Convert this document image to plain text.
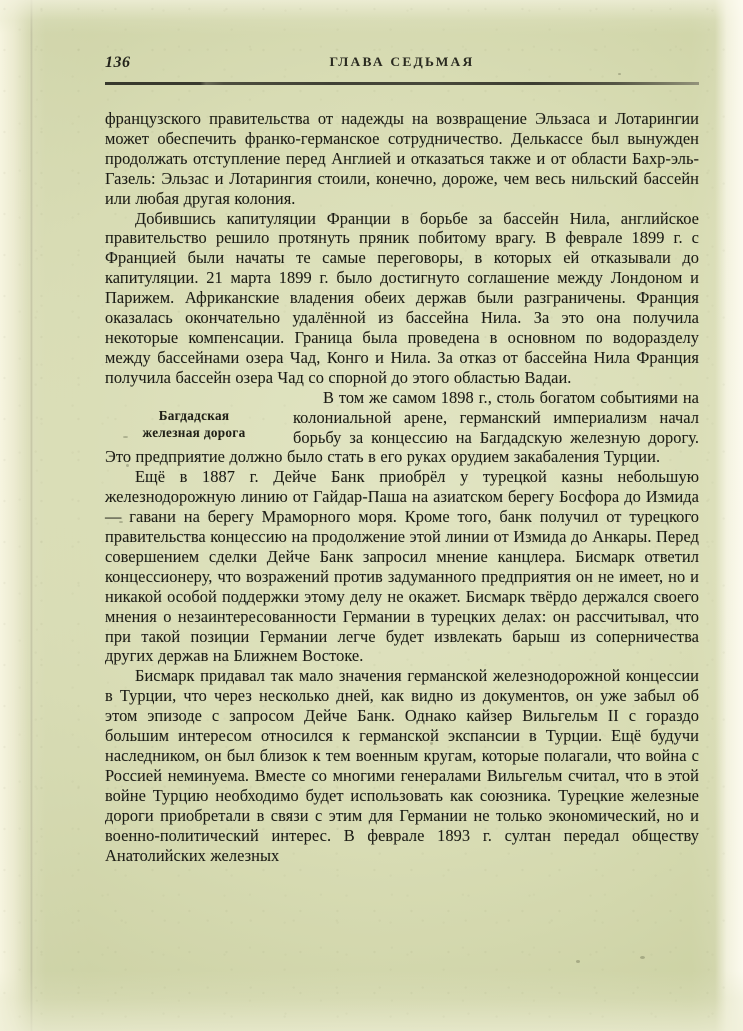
136	ГЛАВА СЕДЬМАЯ

французского правительства от надежды на возвращение Эльзаса и Лотарингии может обеспечить франко-германское сотрудничество. Делькассе был вынужден продолжать отступление перед Англией и отказаться также и от области Бахр-эль-Газель: Эльзас и Лотарингия стоили, конечно, дороже, чем весь нильский бассейн или любая другая колония.

Добившись капитуляции Франции в борьбе за бассейн Нила, английское правительство решило протянуть пряник побитому врагу. В феврале 1899 г. с Францией были начаты те самые переговоры, в которых ей отказывали до капитуляции. 21 марта 1899 г. было достигнуто соглашение между Лондоном и Парижем. Африканские владения обеих держав были разграничены. Франция оказалась окончательно удалённой из бассейна Нила. За это она получила некоторые компенсации. Граница была проведена в основном по водоразделу между бассейнами озера Чад, Конго и Нила. За отказ от бассейна Нила Франция получила бассейн озера Чад со спорной до этого областью Вадаи.

Багдадская
железная дорога

В том же самом 1898 г., столь богатом событиями на колониальной арене, германский империализм начал борьбу за концессию на Багдадскую железную дорогу. Это предприятие должно было стать в его руках орудием закабаления Турции.

Ещё в 1887 г. Дейче Банк приобрёл у турецкой казны небольшую железнодорожную линию от Гайдар-Паша на азиатском берегу Босфора до Измида — гавани на берегу Мраморного моря. Кроме того, банк получил от турецкого правительства концессию на продолжение этой линии от Измида до Анкары. Перед совершением сделки Дейче Банк запросил мнение канцлера. Бисмарк ответил концессионеру, что возражений против задуманного предприятия он не имеет, но и никакой особой поддержки этому делу не окажет. Бисмарк твёрдо держался своего мнения о незаинтересованности Германии в турецких делах: он рассчитывал, что при такой позиции Германии легче будет извлекать барыш из соперничества других держав на Ближнем Востоке.

Бисмарк придавал так мало значения германской железнодорожной концессии в Турции, что через несколько дней, как видно из документов, он уже забыл об этом эпизоде с запросом Дейче Банк. Однако кайзер Вильгельм II с гораздо большим интересом относился к германской экспансии в Турции. Ещё будучи наследником, он был близок к тем военным кругам, которые полагали, что война с Россией неминуема. Вместе со многими генералами Вильгельм считал, что в этой войне Турцию необходимо будет использовать как союзника. Турецкие железные дороги приобретали в связи с этим для Германии не только экономический, но и военно-политический интерес. В феврале 1893 г. султан передал обществу Анатолийских железных
